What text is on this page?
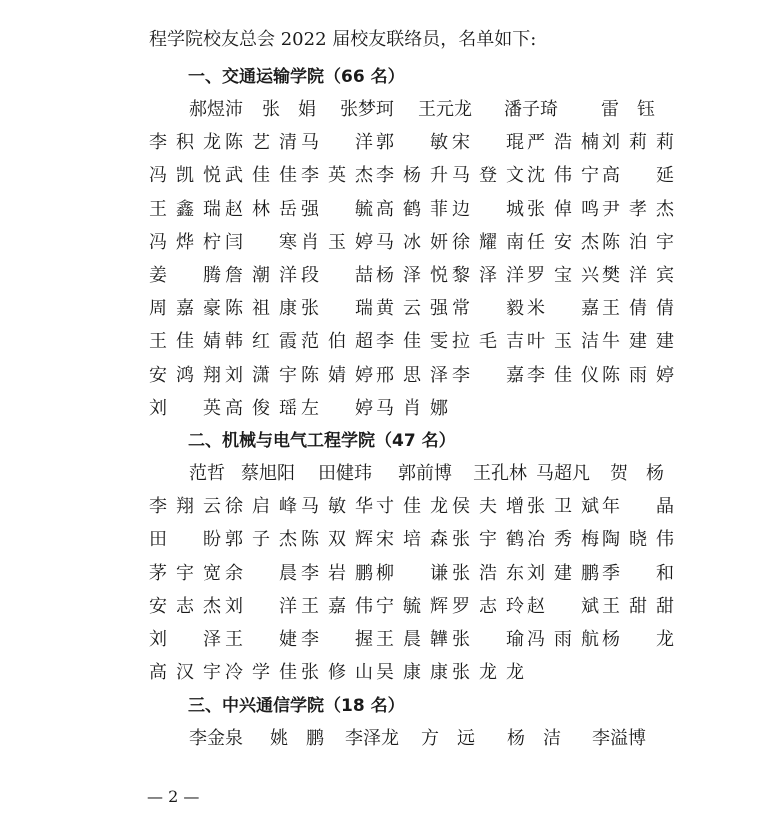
程学院校友总会 2022 届校友联络员，名单如下:
一、交通运输学院（66 名）
郝煜沛 张　娟 张梦珂 王元龙 潘子琦 雷　钰
李积龙 陈艺清 马　洋 郭　敏 宋　琨 严浩楠 刘莉莉
冯凯悦 武佳佳 李英杰 李杨升 马登文 沈伟宁 高　延
王鑫瑞 赵林岳 强　毓 高鹤菲 边　城 张倬鸣 尹孝杰
冯烨柠 闫　寒 肖玉婷 马冰妍 徐耀南 任安杰 陈泊宇
姜　腾 詹潮洋 段　喆 杨泽悦 黎泽洋 罗宝兴 樊洋宾
周嘉豪 陈祖康 张　瑞 黄云强 常　毅 米　嘉 王倩倩
王佳婧 韩红霞 范伯超 李佳雯 拉毛吉 叶玉洁 牛建建
安鸿翔 刘潇宇 陈婧婷 邢思泽 李　嘉 李佳仪 陈雨婷
刘　英 高俊瑶 左　婷 马肖娜
二、机械与电气工程学院（47 名）
范哲 蔡旭阳 田健玮 郭前博 王孔林 马超凡 贺　杨
李翔云 徐启峰 马敏华 寸佳龙 侯夫增 张卫斌 年　晶
田　盼 郭子杰 陈双辉 宋培森 张宇鹤 冶秀梅 陶晓伟
茅宇宽 余　晨 李岩鹏 柳　谦 张浩东 刘建鹏 季　和
安志杰 刘　洋 王嘉伟 宁毓辉 罗志玲 赵　斌 王甜甜
刘　泽 王　婕 李　握 王晨韡 张　瑜 冯雨航 杨　龙
高汉宇 冷学佳 张修山 吴康康 张龙龙
三、中兴通信学院（18 名）
李金泉 姚　鹏 李泽龙 方　远 杨　洁 李溢博
— 2 —
